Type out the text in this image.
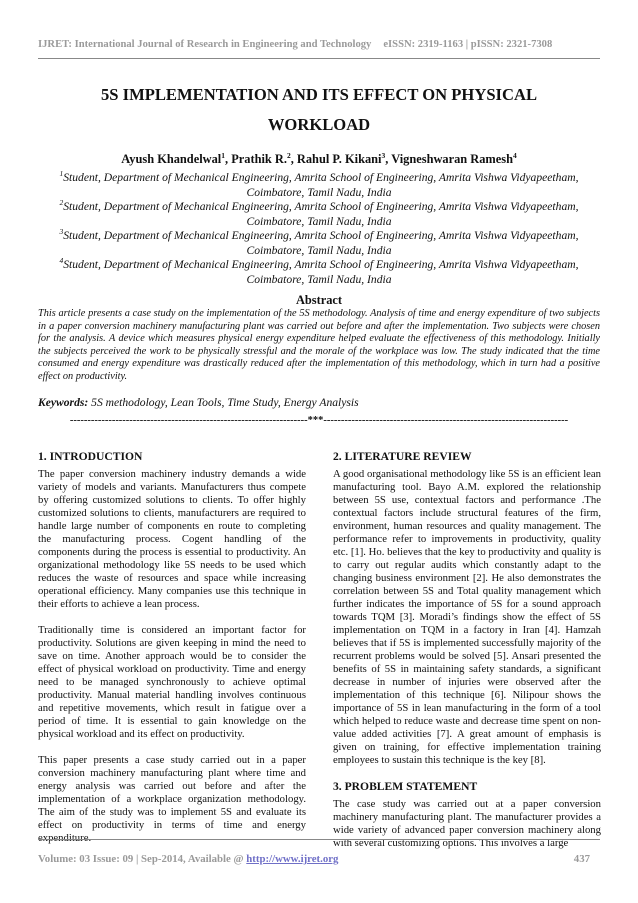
IJRET: International Journal of Research in Engineering and Technology eISSN: 2319-1163 | pISSN: 2321-7308
5S IMPLEMENTATION AND ITS EFFECT ON PHYSICAL
WORKLOAD
Ayush Khandelwal$^1$, Prathik R.$^2$, Rahul P. Kikani$^3$, Vigneshwaran Ramesh$^4$
$^1$Student, Department of Mechanical Engineering, Amrita School of Engineering, Amrita Vishwa Vidyapeetham,
Coimbatore, Tamil Nadu, India
$^2$Student, Department of Mechanical Engineering, Amrita School of Engineering, Amrita Vishwa Vidyapeetham,
Coimbatore, Tamil Nadu, India
$^3$Student, Department of Mechanical Engineering, Amrita School of Engineering, Amrita Vishwa Vidyapeetham,
Coimbatore, Tamil Nadu, India
$^4$Student, Department of Mechanical Engineering, Amrita School of Engineering, Amrita Vishwa Vidyapeetham,
Coimbatore, Tamil Nadu, India
Abstract
This article presents a case study on the implementation of the 5S methodology. Analysis of time and energy expenditure of two subjects in a paper conversion machinery manufacturing plant was carried out before and after the implementation. Two subjects were chosen for the analysis. A device which measures physical energy expenditure helped evaluate the effectiveness of this methodology. Initially the subjects perceived the work to be physically stressful and the morale of the workplace was low. The study indicated that the time consumed and energy expenditure was drastically reduced after the implementation of this methodology, which in turn had a positive effect on productivity.
Keywords: 5S methodology, Lean Tools, Time Study, Energy Analysis
--------------------------------------------------------------------***----------------------------------------------------------------------
1. INTRODUCTION

The paper conversion machinery industry demands a wide variety of models and variants. Manufacturers thus compete by offering customized solutions to clients. To offer highly customized solutions to clients, manufacturers are required to handle large number of components en route to completing the manufacturing process. Cogent handling of the components during the process is essential to productivity. An organizational methodology like 5S needs to be used which reduces the waste of resources and space while increasing operational efficiency. Many companies use this technique in their efforts to achieve a lean process.

Traditionally time is considered an important factor for productivity. Solutions are given keeping in mind the need to save on time. Another approach would be to consider the effect of physical workload on productivity. Time and energy need to be managed synchronously to achieve optimal productivity. Manual material handling involves continuous and repetitive movements, which result in fatigue over a period of time. It is essential to gain knowledge on the physical workload and its effect on productivity.

This paper presents a case study carried out in a paper conversion machinery manufacturing plant where time and energy analysis was carried out before and after the implementation of a workplace organization methodology. The aim of the study was to implement 5S and evaluate its effect on productivity in terms of time and energy expenditure.

2. LITERATURE REVIEW

A good organisational methodology like 5S is an efficient lean manufacturing tool. Bayo A.M. explored the relationship between 5S use, contextual factors and performance .The contextual factors include structural features of the firm, environment, human resources and quality management. The performance refer to improvements in productivity, quality etc. [1]. Ho. believes that the key to productivity and quality is to carry out regular audits which constantly adapt to the changing business environment [2]. He also demonstrates the correlation between 5S and Total quality management which further indicates the importance of 5S for a sound approach towards TQM [3]. Moradi’s findings show the effect of 5S implementation on TQM in a factory in Iran [4]. Hamzah believes that if 5S is implemented successfully majority of the recurrent problems would be solved [5]. Ansari presented the benefits of 5S in maintaining safety standards, a significant decrease in number of injuries were observed after the implementation of this technique [6]. Nilipour shows the importance of 5S in lean manufacturing in the form of a tool which helped to reduce waste and decrease time spent on non-value added activities [7]. A great amount of emphasis is given on training, for effective implementation training employees to sustain this technique is the key [8].

3. PROBLEM STATEMENT

The case study was carried out at a paper conversion machinery manufacturing plant. The manufacturer provides a wide variety of advanced paper conversion machinery along with several customizing options. This involves a large

Volume: 03 Issue: 09 | Sep-2014, Available @ http://www.ijret.org	437
